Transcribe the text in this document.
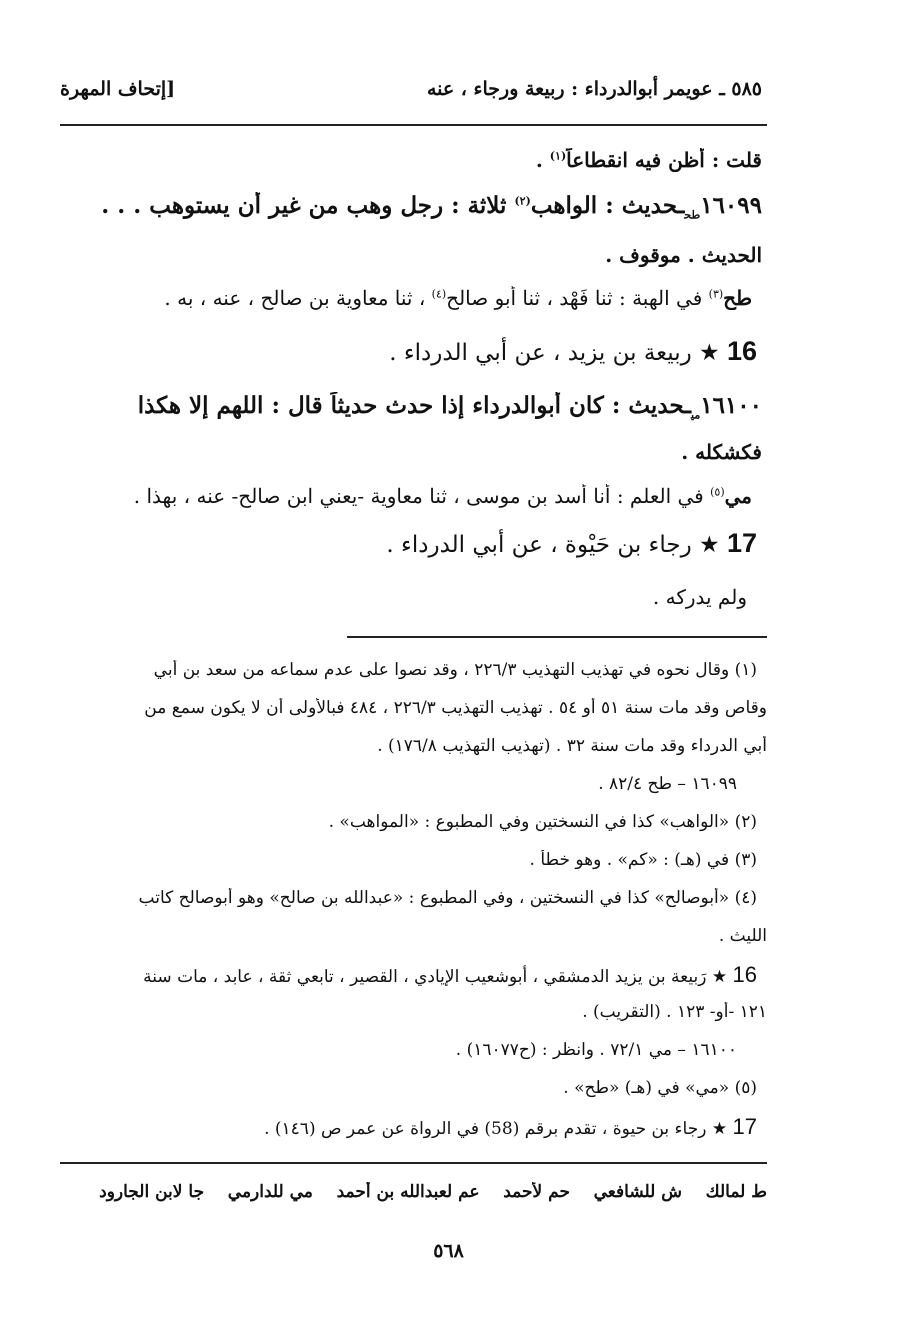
٥٨٥ ـ عويمر أبوالدرداء : ربيعة ورجاء ، عنه
[إتحاف المهرة
قلت : أظن فيه انقطاعاً$^{(١)}$ .
$١٦٠٩٩_{طح}ـحديث$ : الواهب$^{(٢)}$ ثلاثة : رجل وهب من غير أن يستوهب . . .
الحديث . موقوف .
طح$^{(٣)}$ في الهبة : ثنا فَهْد ، ثنا أبو صالح$^{(٤)}$ ، ثنا معاوية بن صالح ، عنه ، به .
16 ★ ربيعة بن يزيد ، عن أبي الدرداء .
$١٦١٠٠_{مي}ـحديث$ : كان أبوالدرداء إذا حدث حديثاً قال : اللهم إلا هكذا
فكشكله .
مي$^{(٥)}$ في العلم : أنا أسد بن موسى ، ثنا معاوية -يعني ابن صالح- عنه ، بهذا .
17 ★ رجاء بن حَيْوة ، عن أبي الدرداء .
ولم يدركه .
(١) وقال نحوه في تهذيب التهذيب ٢٢٦/٣ ، وقد نصوا على عدم سماعه من سعد بن أبي
وقاص وقد مات سنة ٥١ أو ٥٤ . تهذيب التهذيب ٢٢٦/٣ ، ٤٨٤ فبالأولى أن لا يكون سمع من
أبي الدرداء وقد مات سنة ٣٢ . (تهذيب التهذيب ١٧٦/٨) .
١٦٠٩٩ – طح ٨٢/٤ .
(٢) «الواهب» كذا في النسختين وفي المطبوع : «المواهب» .
(٣) في (هـ) : «كم» . وهو خطأ .
(٤) «أبوصالح» كذا في النسختين ، وفي المطبوع : «عبدالله بن صالح» وهو أبوصالح كاتب
الليث .
16 ★ رَبيعة بن يزيد الدمشقي ، أبوشعيب الإيادي ، القصير ، تابعي ثقة ، عابد ، مات سنة
١٢١ -أو- ١٢٣ . (التقريب) .
١٦١٠٠ – مي ٧٢/١ . وانظر : (ح١٦٠٧٧) .
(٥) «مي» في (هـ) «طح» .
17 ★ رجاء بن حيوة ، تقدم برقم (58) في الرواة عن عمر ص (١٤٦) .
ط لمالك    ش للشافعي    حم لأحمد    عم لعبدالله بن أحمد    مي للدارمي    جا لابن الجارود
٥٦٨
